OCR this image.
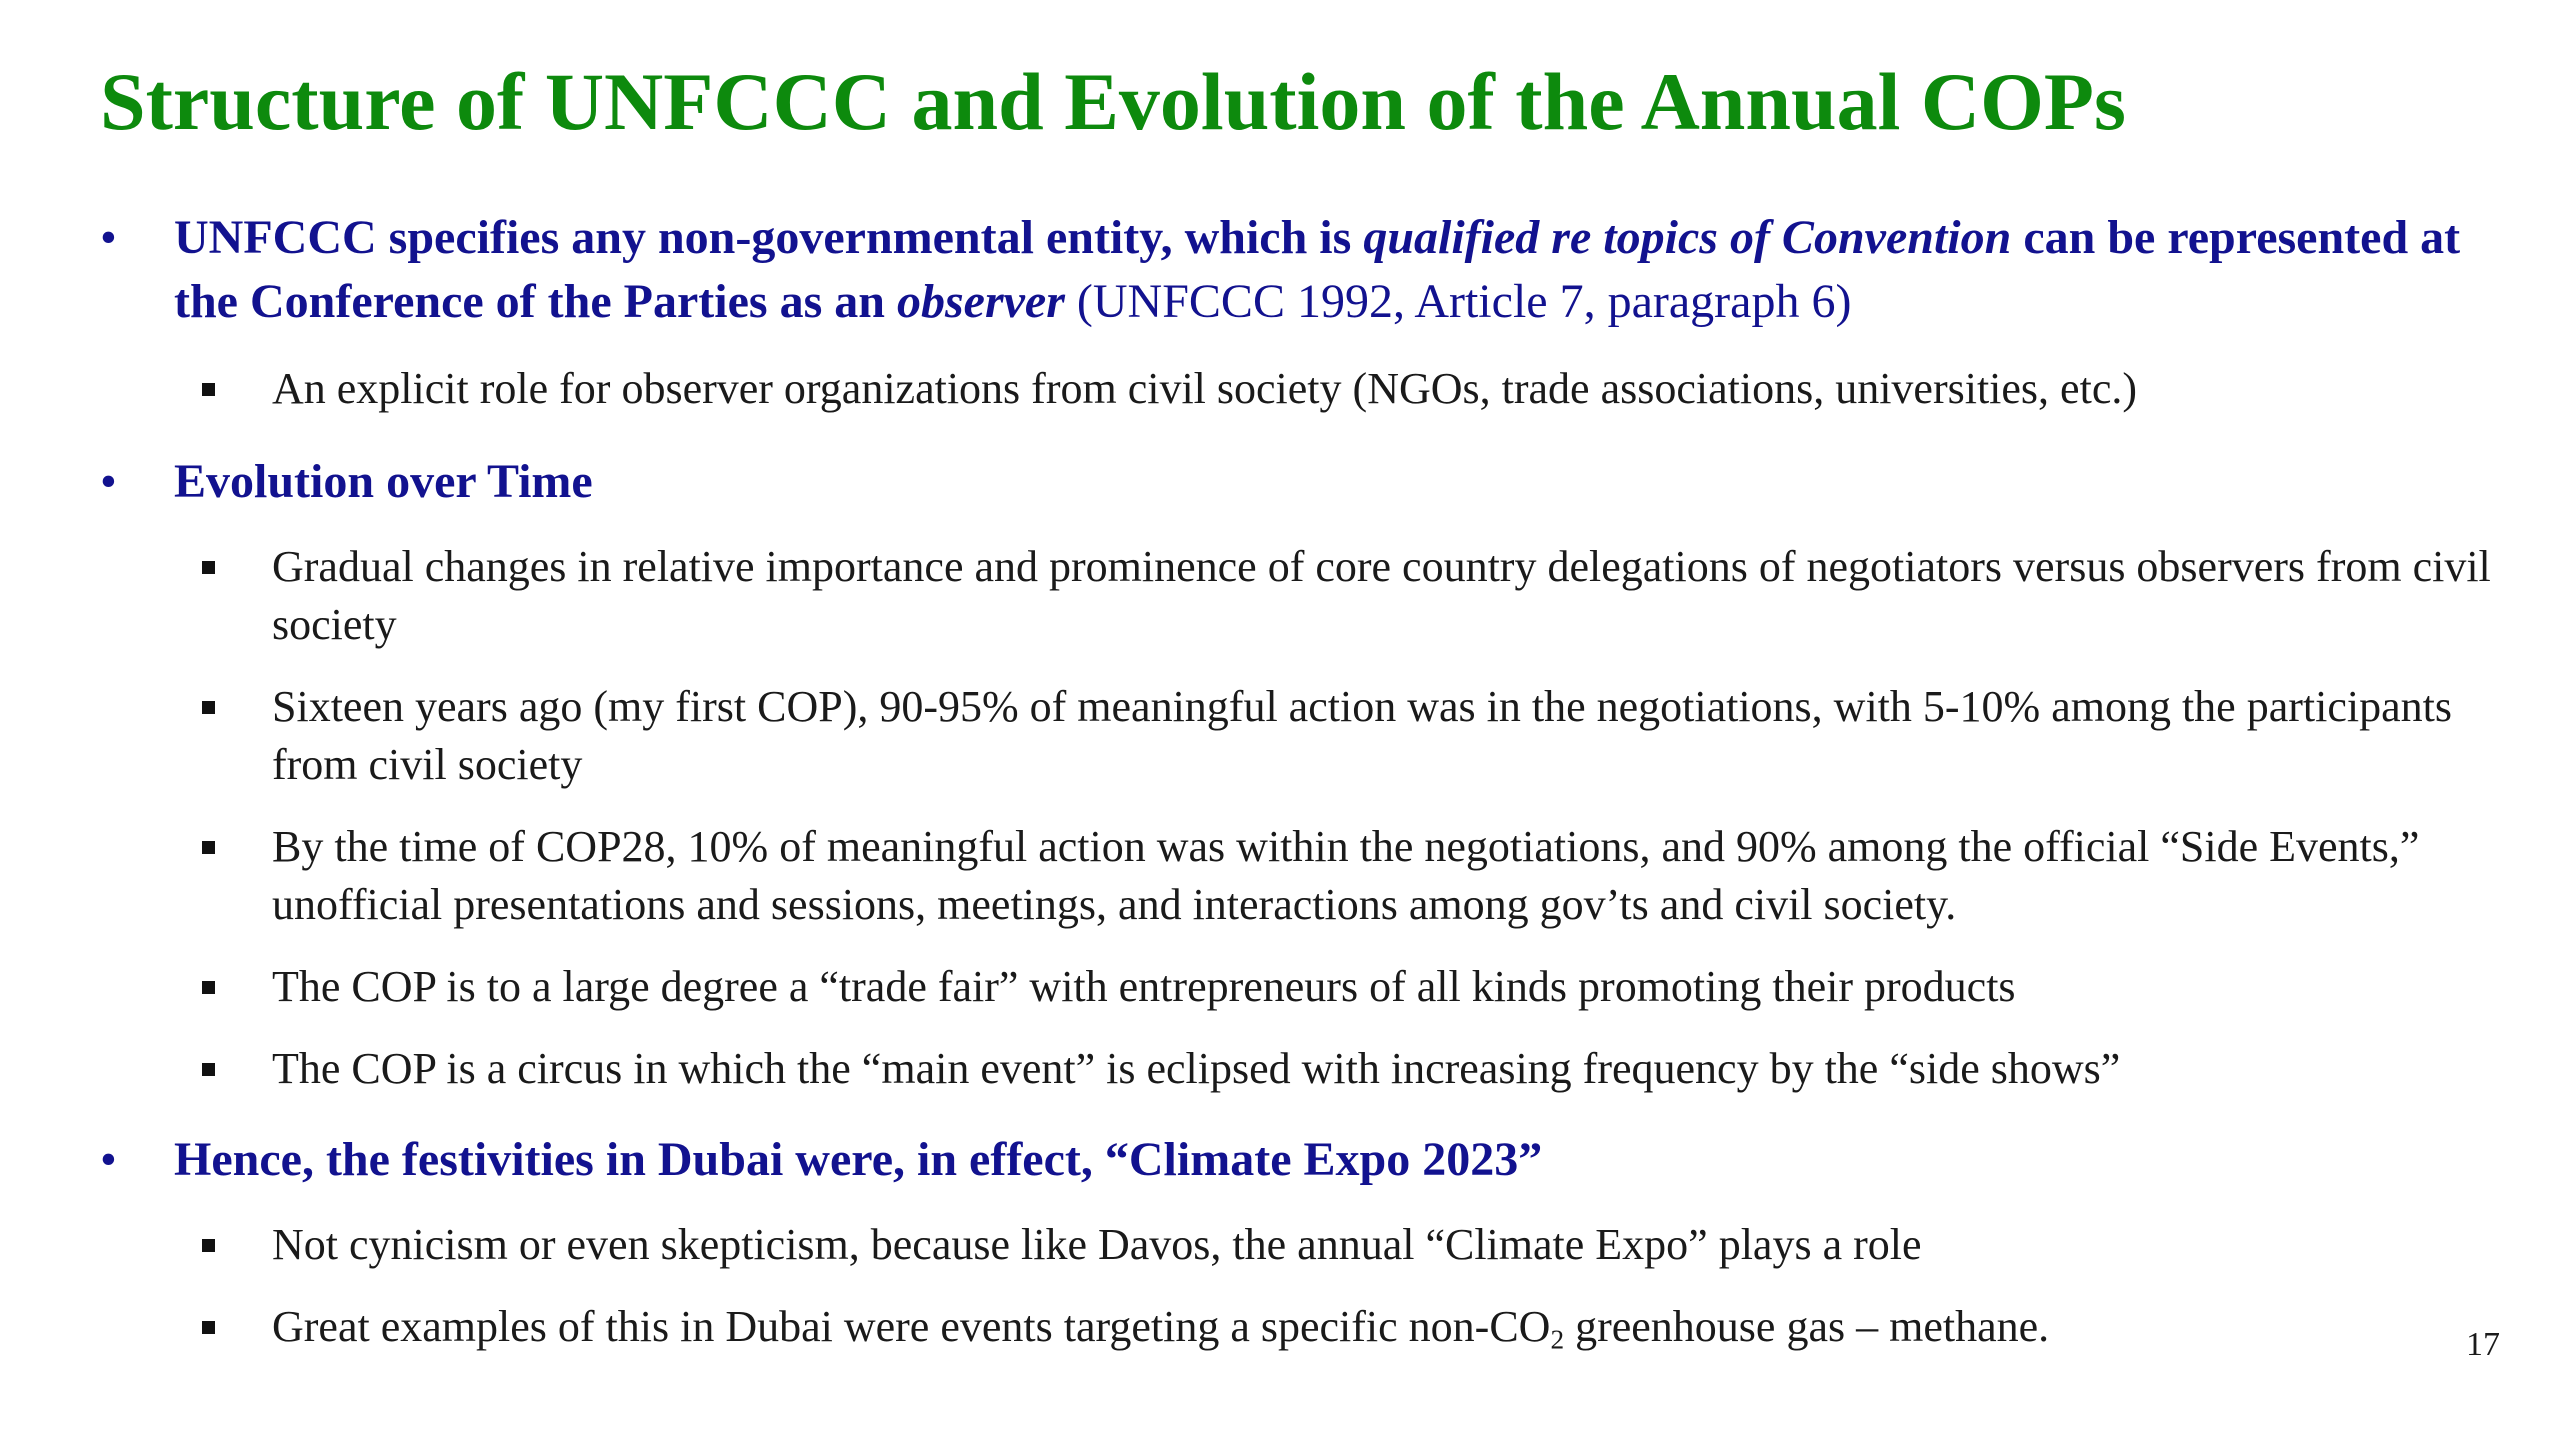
Structure of UNFCCC and Evolution of the Annual COPs
•	UNFCCC specifies any non-governmental entity, which is qualified re topics of Convention can be represented at the Conference of the Parties as an observer (UNFCCC 1992, Article 7, paragraph 6)
An explicit role for observer organizations from civil society (NGOs, trade associations, universities, etc.)
•	Evolution over Time
Gradual changes in relative importance and prominence of core country delegations of negotiators versus observers from civil society
Sixteen years ago (my first COP), 90-95% of meaningful action was in the negotiations, with 5-10% among the participants from civil society
By the time of COP28, 10% of meaningful action was within the negotiations, and 90% among the official “Side Events,” unofficial presentations and sessions, meetings, and interactions among gov’ts and civil society.
The COP is to a large degree a “trade fair” with entrepreneurs of all kinds promoting their products
The COP is a circus in which the “main event” is eclipsed with increasing frequency by the “side shows”
•	Hence, the festivities in Dubai were, in effect, “Climate Expo 2023”
Not cynicism or even skepticism, because like Davos, the annual “Climate Expo” plays a role
Great examples of this in Dubai were events targeting a specific non-$CO_2$ greenhouse gas – methane.	17
